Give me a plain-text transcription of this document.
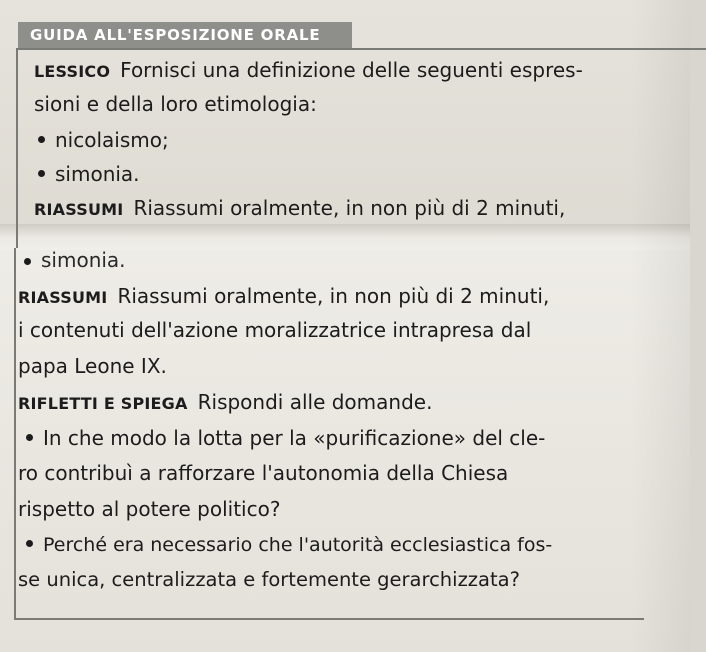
GUIDA ALL'ESPOSIZIONE ORALE
LESSICO Fornisci una definizione delle seguenti espres-
sioni e della loro etimologia:
nicolaismo;
simonia.
RIASSUMI Riassumi oralmente, in non più di 2 minuti,
simonia.
RIASSUMI Riassumi oralmente, in non più di 2 minuti,
i contenuti dell'azione moralizzatrice intrapresa dal
papa Leone IX.
RIFLETTI E SPIEGA Rispondi alle domande.
In che modo la lotta per la «purificazione» del cle-
ro contribuì a rafforzare l'autonomia della Chiesa
rispetto al potere politico?
Perché era necessario che l'autorità ecclesiastica fos-
se unica, centralizzata e fortemente gerarchizzata?
